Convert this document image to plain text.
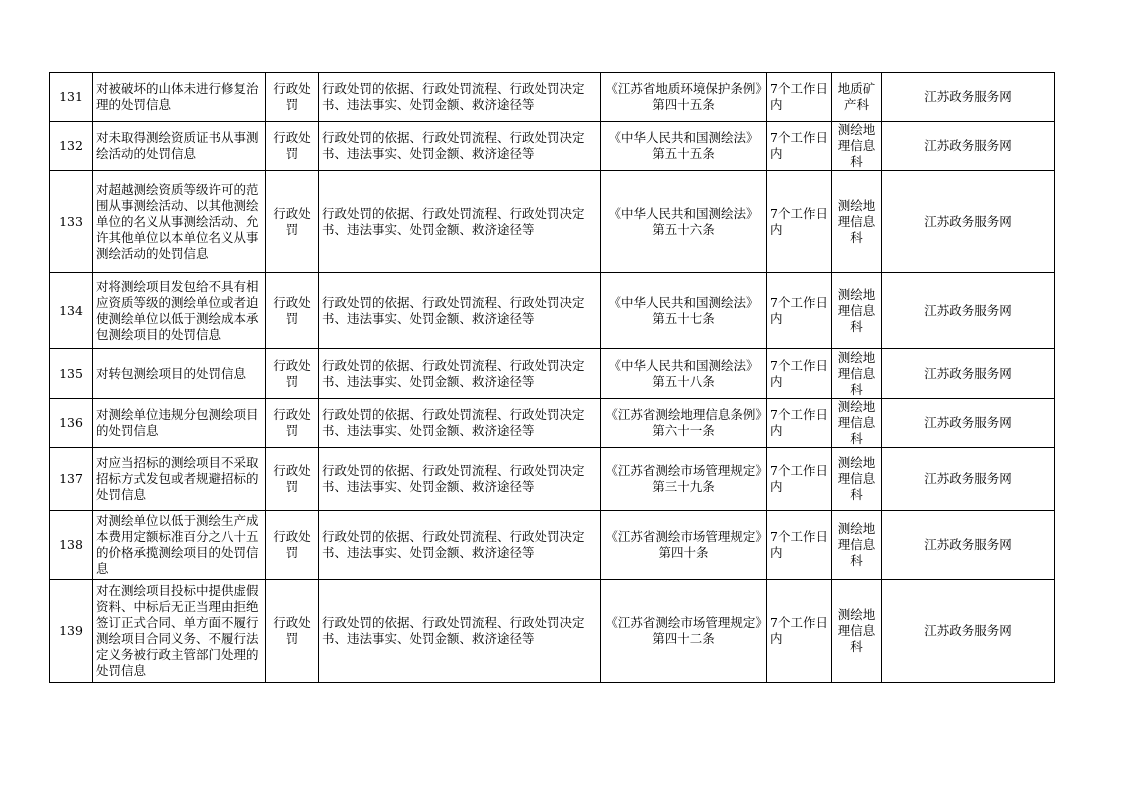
131	对被破坏的山体未进行修复治理的处罚信息	行政处罚	行政处罚的依据、行政处罚流程、行政处罚决定书、违法事实、处罚金额、救济途径等	《江苏省地质环境保护条例》第四十五条	7个工作日内	地质矿产科	江苏政务服务网
132	对未取得测绘资质证书从事测绘活动的处罚信息	行政处罚	行政处罚的依据、行政处罚流程、行政处罚决定书、违法事实、处罚金额、救济途径等	《中华人民共和国测绘法》第五十五条	7个工作日内	测绘地理信息科	江苏政务服务网
133	对超越测绘资质等级许可的范围从事测绘活动、以其他测绘单位的名义从事测绘活动、允许其他单位以本单位名义从事测绘活动的处罚信息	行政处罚	行政处罚的依据、行政处罚流程、行政处罚决定书、违法事实、处罚金额、救济途径等	《中华人民共和国测绘法》第五十六条	7个工作日内	测绘地理信息科	江苏政务服务网
134	对将测绘项目发包给不具有相应资质等级的测绘单位或者迫使测绘单位以低于测绘成本承包测绘项目的处罚信息	行政处罚	行政处罚的依据、行政处罚流程、行政处罚决定书、违法事实、处罚金额、救济途径等	《中华人民共和国测绘法》第五十七条	7个工作日内	测绘地理信息科	江苏政务服务网
135	对转包测绘项目的处罚信息	行政处罚	行政处罚的依据、行政处罚流程、行政处罚决定书、违法事实、处罚金额、救济途径等	《中华人民共和国测绘法》第五十八条	7个工作日内	测绘地理信息科	江苏政务服务网
136	对测绘单位违规分包测绘项目的处罚信息	行政处罚	行政处罚的依据、行政处罚流程、行政处罚决定书、违法事实、处罚金额、救济途径等	《江苏省测绘地理信息条例》第六十一条	7个工作日内	测绘地理信息科	江苏政务服务网
137	对应当招标的测绘项目不采取招标方式发包或者规避招标的处罚信息	行政处罚	行政处罚的依据、行政处罚流程、行政处罚决定书、违法事实、处罚金额、救济途径等	《江苏省测绘市场管理规定》第三十九条	7个工作日内	测绘地理信息科	江苏政务服务网
138	对测绘单位以低于测绘生产成本费用定额标准百分之八十五的价格承揽测绘项目的处罚信息	行政处罚	行政处罚的依据、行政处罚流程、行政处罚决定书、违法事实、处罚金额、救济途径等	《江苏省测绘市场管理规定》第四十条	7个工作日内	测绘地理信息科	江苏政务服务网
139	对在测绘项目投标中提供虚假资料、中标后无正当理由拒绝签订正式合同、单方面不履行测绘项目合同义务、不履行法定义务被行政主管部门处理的处罚信息	行政处罚	行政处罚的依据、行政处罚流程、行政处罚决定书、违法事实、处罚金额、救济途径等	《江苏省测绘市场管理规定》第四十二条	7个工作日内	测绘地理信息科	江苏政务服务网
